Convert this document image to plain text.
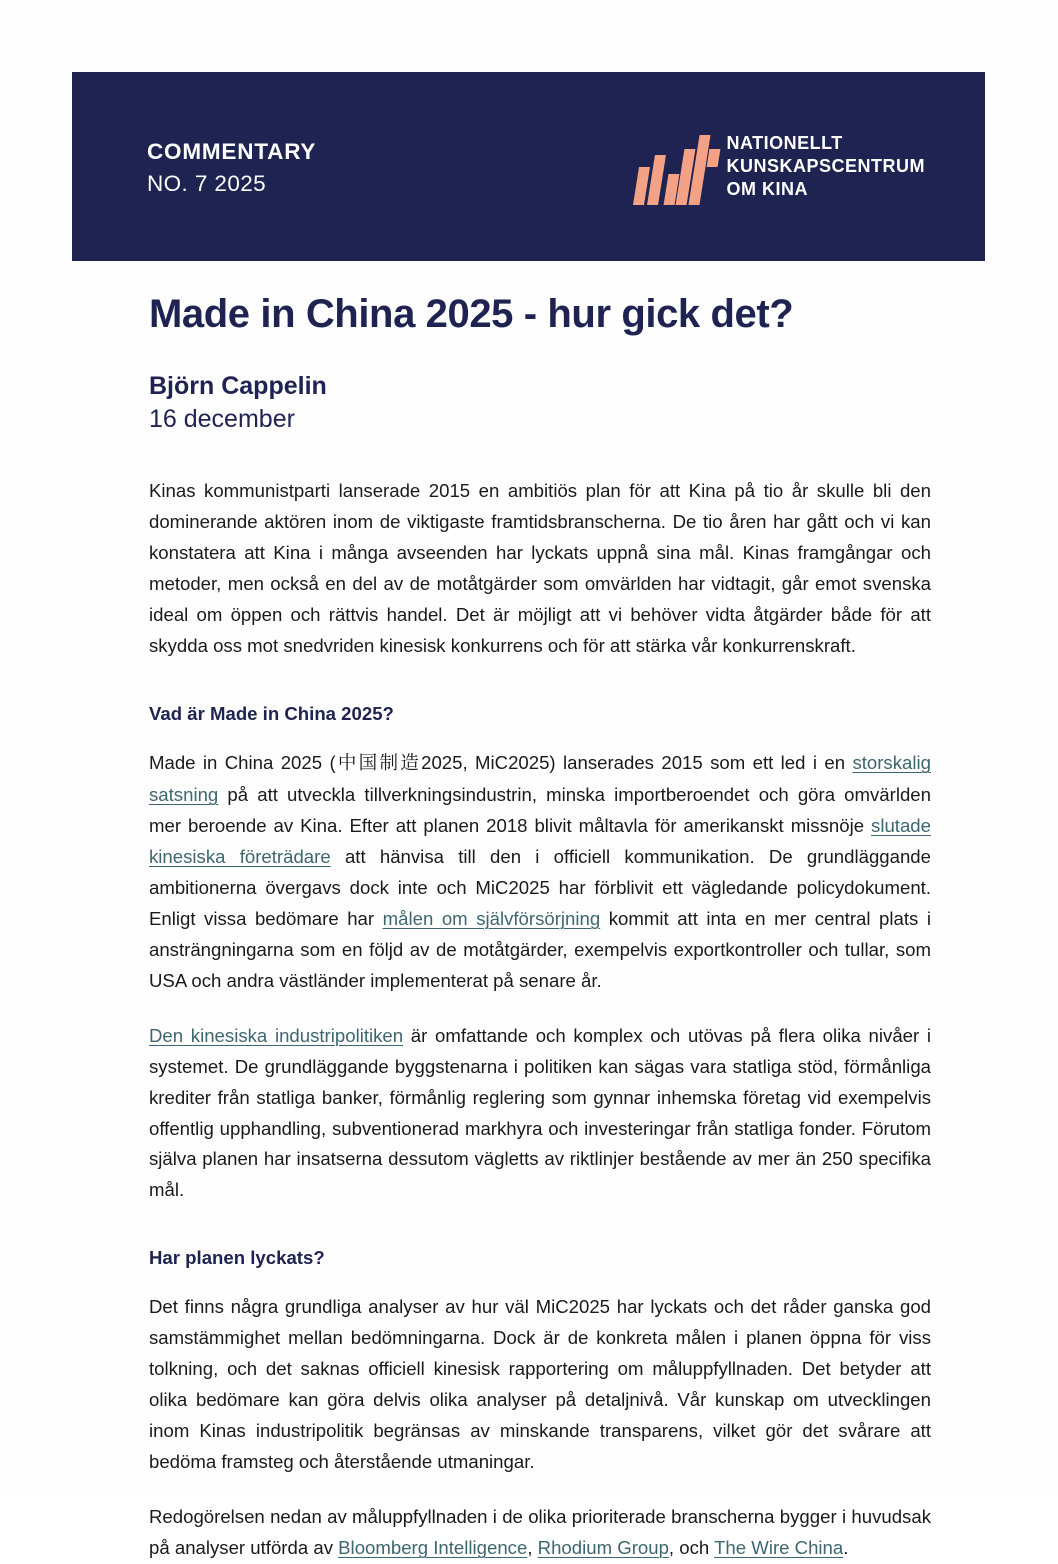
COMMENTARY
NO. 7 2025
NATIONELLT
KUNSKAPSCENTRUM
OM KINA
Made in China 2025 - hur gick det?
Björn Cappelin
16 december

Kinas kommunistparti lanserade 2015 en ambitiös plan för att Kina på tio år skulle bli den dominerande aktören inom de viktigaste framtidsbranscherna. De tio åren har gått och vi kan konstatera att Kina i många avseenden har lyckats uppnå sina mål. Kinas framgångar och metoder, men också en del av de motåtgärder som omvärlden har vidtagit, går emot svenska ideal om öppen och rättvis handel. Det är möjligt att vi behöver vidta åtgärder både för att skydda oss mot snedvriden kinesisk konkurrens och för att stärka vår konkurrenskraft.

Vad är Made in China 2025?

Made in China 2025 (中国制造2025, MiC2025) lanserades 2015 som ett led i en storskalig satsning på att utveckla tillverkningsindustrin, minska importberoendet och göra omvärlden mer beroende av Kina. Efter att planen 2018 blivit måltavla för amerikanskt missnöje slutade kinesiska företrädare att hänvisa till den i officiell kommunikation. De grundläggande ambitionerna övergavs dock inte och MiC2025 har förblivit ett vägledande policydokument. Enligt vissa bedömare har målen om självförsörjning kommit att inta en mer central plats i ansträngningarna som en följd av de motåtgärder, exempelvis exportkontroller och tullar, som USA och andra västländer implementerat på senare år.

Den kinesiska industripolitiken är omfattande och komplex och utövas på flera olika nivåer i systemet. De grundläggande byggstenarna i politiken kan sägas vara statliga stöd, förmånliga krediter från statliga banker, förmånlig reglering som gynnar inhemska företag vid exempelvis offentlig upphandling, subventionerad markhyra och investeringar från statliga fonder. Förutom själva planen har insatserna dessutom vägletts av riktlinjer bestående av mer än 250 specifika mål.

Har planen lyckats?

Det finns några grundliga analyser av hur väl MiC2025 har lyckats och det råder ganska god samstämmighet mellan bedömningarna. Dock är de konkreta målen i planen öppna för viss tolkning, och det saknas officiell kinesisk rapportering om måluppfyllnaden. Det betyder att olika bedömare kan göra delvis olika analyser på detaljnivå. Vår kunskap om utvecklingen inom Kinas industripolitik begränsas av minskande transparens, vilket gör det svårare att bedöma framsteg och återstående utmaningar.

Redogörelsen nedan av måluppfyllnaden i de olika prioriterade branscherna bygger i huvudsak på analyser utförda av Bloomberg Intelligence, Rhodium Group, och The Wire China.
